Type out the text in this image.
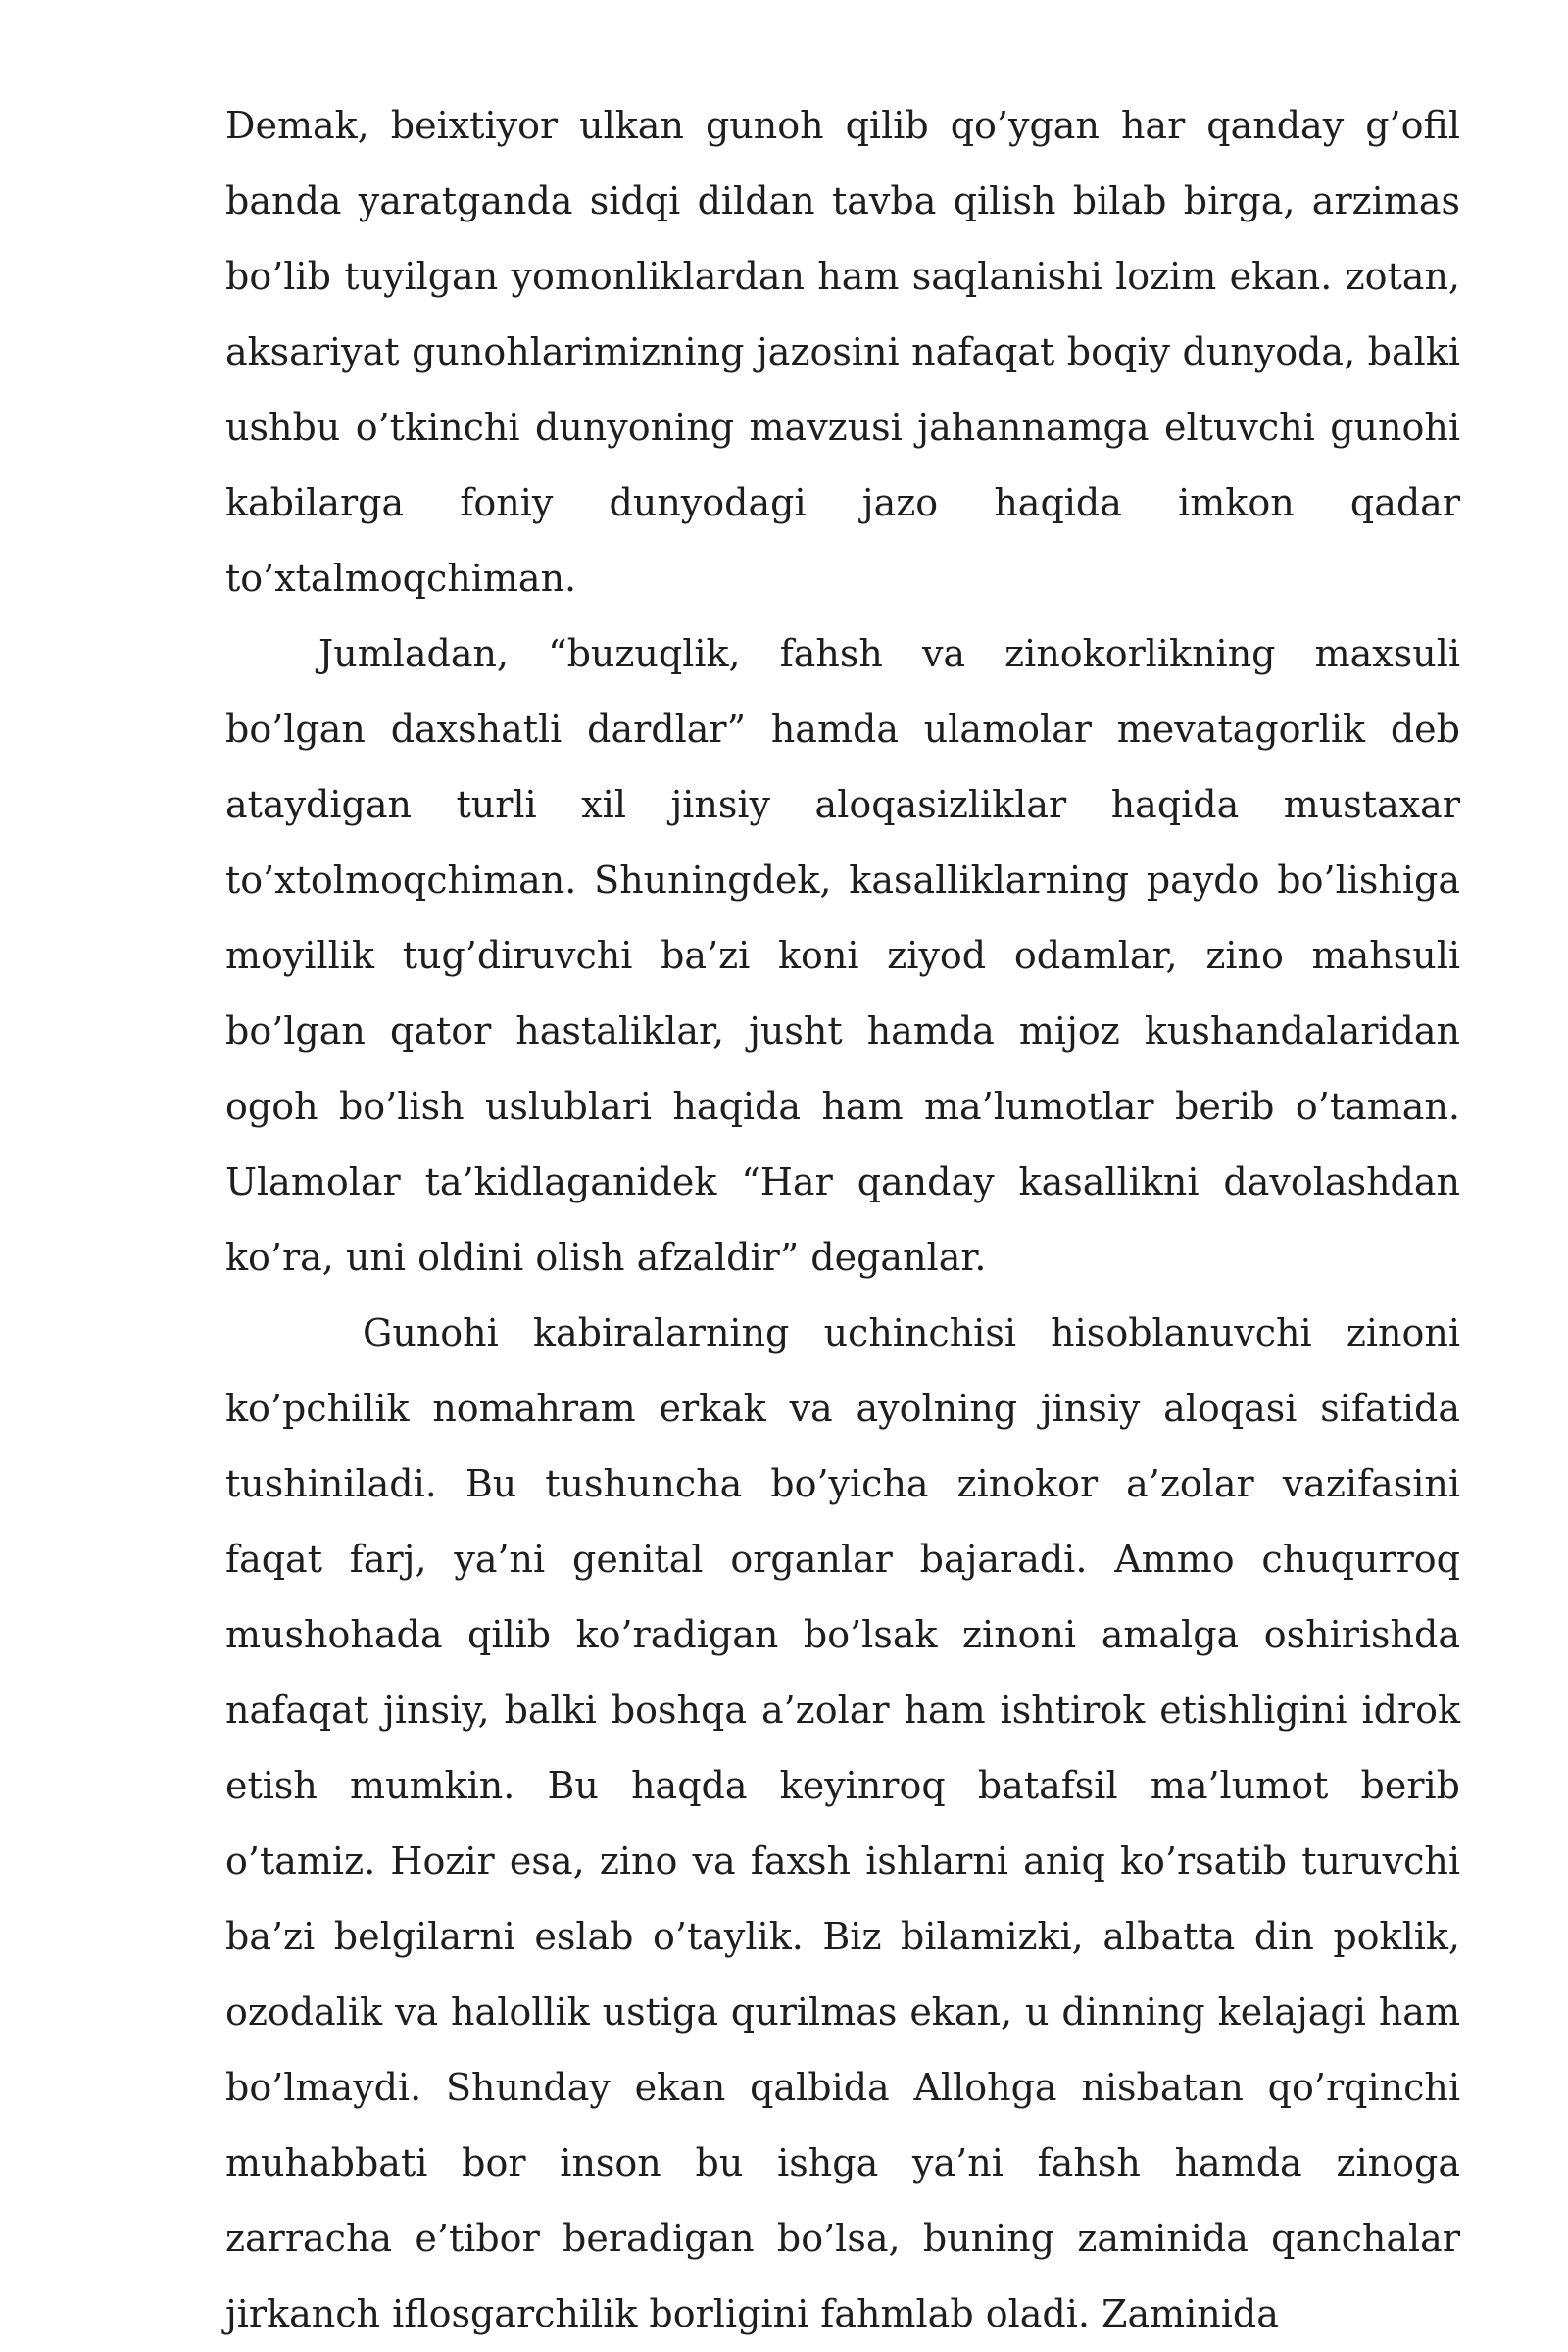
Demak, beixtiyor ulkan gunoh qilib qo’ygan har qanday g’ofil banda yaratganda sidqi dildan tavba qilish bilab birga, arzimas bo’lib tuyilgan yomonliklardan ham saqlanishi lozim ekan. zotan, aksariyat gunohlarimizning jazosini nafaqat boqiy dunyoda, balki ushbu o’tkinchi dunyoning mavzusi jahannamga eltuvchi gunohi kabilarga foniy dunyodagi jazo haqida imkon qadar to’xtalmoqchiman.

Jumladan, “buzuqlik, fahsh va zinokorlikning maxsuli bo’lgan daxshatli dardlar” hamda ulamolar mevatagorlik deb ataydigan turli xil jinsiy aloqasizliklar haqida mustaxar to’xtolmoqchiman. Shuningdek, kasalliklarning paydo bo’lishiga moyillik tug’diruvchi ba’zi koni ziyod odamlar, zino mahsuli bo’lgan qator hastaliklar, jusht hamda mijoz kushandalaridan ogoh bo’lish uslublari haqida ham ma’lumotlar berib o’taman. Ulamolar ta’kidlaganidek “Har qanday kasallikni davolashdan ko’ra, uni oldini olish afzaldir” deganlar.

Gunohi kabiralarning uchinchisi hisoblanuvchi zinoni ko’pchilik nomahram erkak va ayolning jinsiy aloqasi sifatida tushiniladi. Bu tushuncha bo’yicha zinokor a’zolar vazifasini faqat farj, ya’ni genital organlar bajaradi. Ammo chuqurroq mushohada qilib ko’radigan bo’lsak zinoni amalga oshirishda nafaqat jinsiy, balki boshqa a’zolar ham ishtirok etishligini idrok etish mumkin. Bu haqda keyinroq batafsil ma’lumot berib o’tamiz. Hozir esa, zino va faxsh ishlarni aniq ko’rsatib turuvchi ba’zi belgilarni eslab o’taylik. Biz bilamizki, albatta din poklik, ozodalik va halollik ustiga qurilmas ekan, u dinning kelajagi ham bo’lmaydi. Shunday ekan qalbida Allohga nisbatan qo’rqinchi muhabbati bor inson bu ishga ya’ni fahsh hamda zinoga zarracha e’tibor beradigan bo’lsa, buning zaminida qanchalar jirkanch iflosgarchilik borligini fahmlab oladi. Zaminida
